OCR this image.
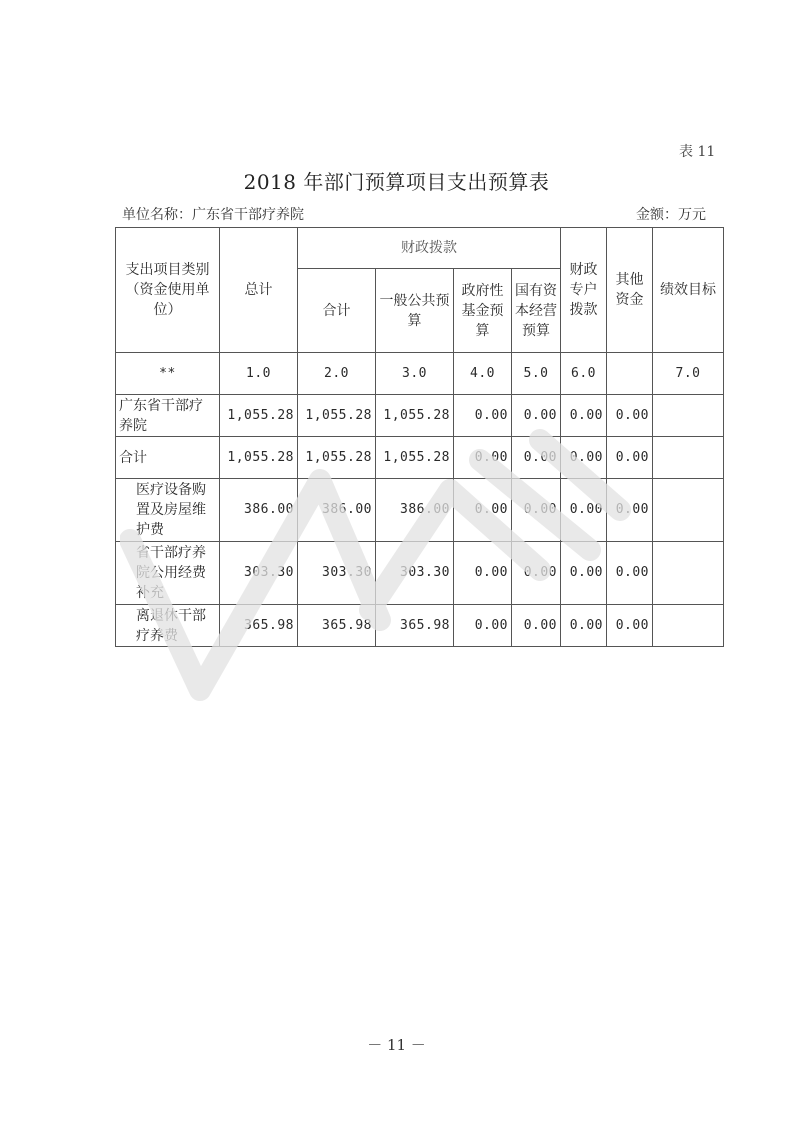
表 11
2018 年部门预算项目支出预算表
单位名称：广东省干部疗养院	金额：万元
支出项目类别（资金使用单位）	总计	财政拨款				财政专户拨款	其他资金	绩效目标
		合计	一般公共预算	政府性基金预算	国有资本经营预算			
**	1.0	2.0	3.0	4.0	5.0	6.0		7.0
广东省干部疗养院	1,055.28	1,055.28	1,055.28	0.00	0.00	0.00	0.00	
合计	1,055.28	1,055.28	1,055.28	0.00	0.00	0.00	0.00	
医疗设备购置及房屋维护费	386.00	386.00	386.00	0.00	0.00	0.00	0.00	
省干部疗养院公用经费补充	303.30	303.30	303.30	0.00	0.00	0.00	0.00	
离退休干部疗养费	365.98	365.98	365.98	0.00	0.00	0.00	0.00	
－ 11 －
